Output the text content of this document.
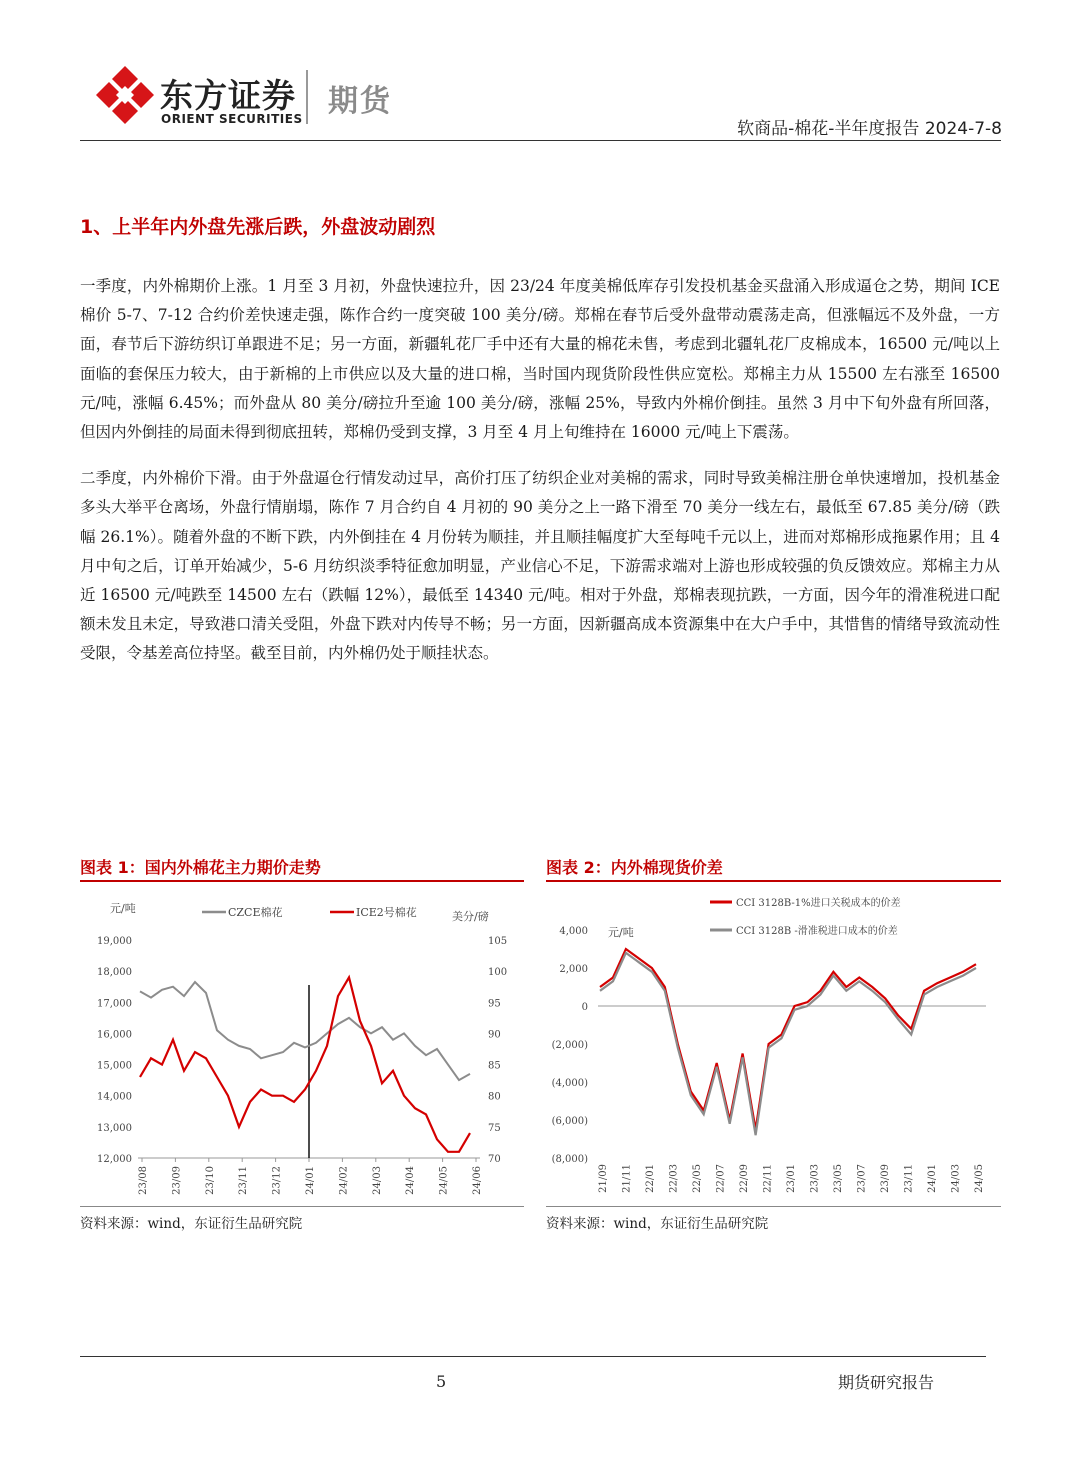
东方证券
ORIENT SECURITIES 期货
软商品-棉花-半年度报告 2024-7-8
1、上半年内外盘先涨后跌，外盘波动剧烈

一季度，内外棉期价上涨。1 月至 3 月初，外盘快速拉升，因 23/24 年度美棉低库存引发投机基金买盘涌入形成逼仓之势，期间 ICE 棉价 5-7、7-12 合约价差快速走强，陈作合约一度突破 100 美分/磅。郑棉在春节后受外盘带动震荡走高，但涨幅远不及外盘，一方面，春节后下游纺织订单跟进不足；另一方面，新疆轧花厂手中还有大量的棉花未售，考虑到北疆轧花厂皮棉成本，16500 元/吨以上面临的套保压力较大，由于新棉的上市供应以及大量的进口棉，当时国内现货阶段性供应宽松。郑棉主力从 15500 左右涨至 16500 元/吨，涨幅 6.45%；而外盘从 80 美分/磅拉升至逾 100 美分/磅，涨幅 25%，导致内外棉价倒挂。虽然 3 月中下旬外盘有所回落，但因内外倒挂的局面未得到彻底扭转，郑棉仍受到支撑，3 月至 4 月上旬维持在 16000 元/吨上下震荡。

二季度，内外棉价下滑。由于外盘逼仓行情发动过早，高价打压了纺织企业对美棉的需求，同时导致美棉注册仓单快速增加，投机基金多头大举平仓离场，外盘行情崩塌，陈作 7 月合约自 4 月初的 90 美分之上一路下滑至 70 美分一线左右，最低至 67.85 美分/磅（跌幅 26.1%）。随着外盘的不断下跌，内外倒挂在 4 月份转为顺挂，并且顺挂幅度扩大至每吨千元以上，进而对郑棉形成拖累作用；且 4 月中旬之后，订单开始减少，5-6 月纺织淡季特征愈加明显，产业信心不足，下游需求端对上游也形成较强的负反馈效应。郑棉主力从近 16500 元/吨跌至 14500 左右（跌幅 12%），最低至 14340 元/吨。相对于外盘，郑棉表现抗跌，一方面，因今年的滑准税进口配额未发且未定，导致港口清关受阻，外盘下跌对内传导不畅；另一方面，因新疆高成本资源集中在大户手中，其惜售的情绪导致流动性受限，令基差高位持坚。截至目前，内外棉仍处于顺挂状态。

图表 1：国内外棉花主力期价走势
元/吨
美分/磅
CZCE棉花	ICE2号棉花
19,000
18,000
17,000
16,000
15,000
14,000
13,000
12,000
105
100
95
90
85
80
75
70
23/08 23/09 23/10 23/11 23/12 24/01 24/02 24/03 24/04 24/05 24/06
资料来源：wind，东证衍生品研究院
图表 2：内外棉现货价差
元/吨
CCI 3128B-1%进口关税成本的价差
CCI 3128B -滑准税进口成本的价差
4,000
2,000
0
(2,000)
(4,000)
(6,000)
(8,000)
21/09 21/11 22/01 22/03 22/05 22/07 22/09 22/11 23/01 23/03 23/05 23/07 23/09 23/11 24/01 24/03 24/05
资料来源：wind，东证衍生品研究院
5	期货研究报告
